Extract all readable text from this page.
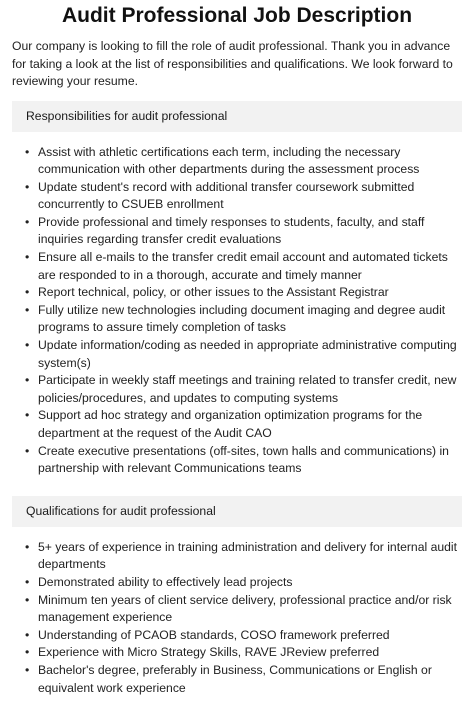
Audit Professional Job Description

Our company is looking to fill the role of audit professional. Thank you in advance for taking a look at the list of responsibilities and qualifications. We look forward to reviewing your resume.

Responsibilities for audit professional
• Assist with athletic certifications each term, including the necessary communication with other departments during the assessment process
• Update student's record with additional transfer coursework submitted concurrently to CSUEB enrollment
• Provide professional and timely responses to students, faculty, and staff inquiries regarding transfer credit evaluations
• Ensure all e-mails to the transfer credit email account and automated tickets are responded to in a thorough, accurate and timely manner
• Report technical, policy, or other issues to the Assistant Registrar
• Fully utilize new technologies including document imaging and degree audit programs to assure timely completion of tasks
• Update information/coding as needed in appropriate administrative computing system(s)
• Participate in weekly staff meetings and training related to transfer credit, new policies/procedures, and updates to computing systems
• Support ad hoc strategy and organization optimization programs for the department at the request of the Audit CAO
• Create executive presentations (off-sites, town halls and communications) in partnership with relevant Communications teams
Qualifications for audit professional
• 5+ years of experience in training administration and delivery for internal audit departments
• Demonstrated ability to effectively lead projects
• Minimum ten years of client service delivery, professional practice and/or risk management experience
• Understanding of PCAOB standards, COSO framework preferred
• Experience with Micro Strategy Skills, RAVE JReview preferred
• Bachelor's degree, preferably in Business, Communications or English or equivalent work experience
